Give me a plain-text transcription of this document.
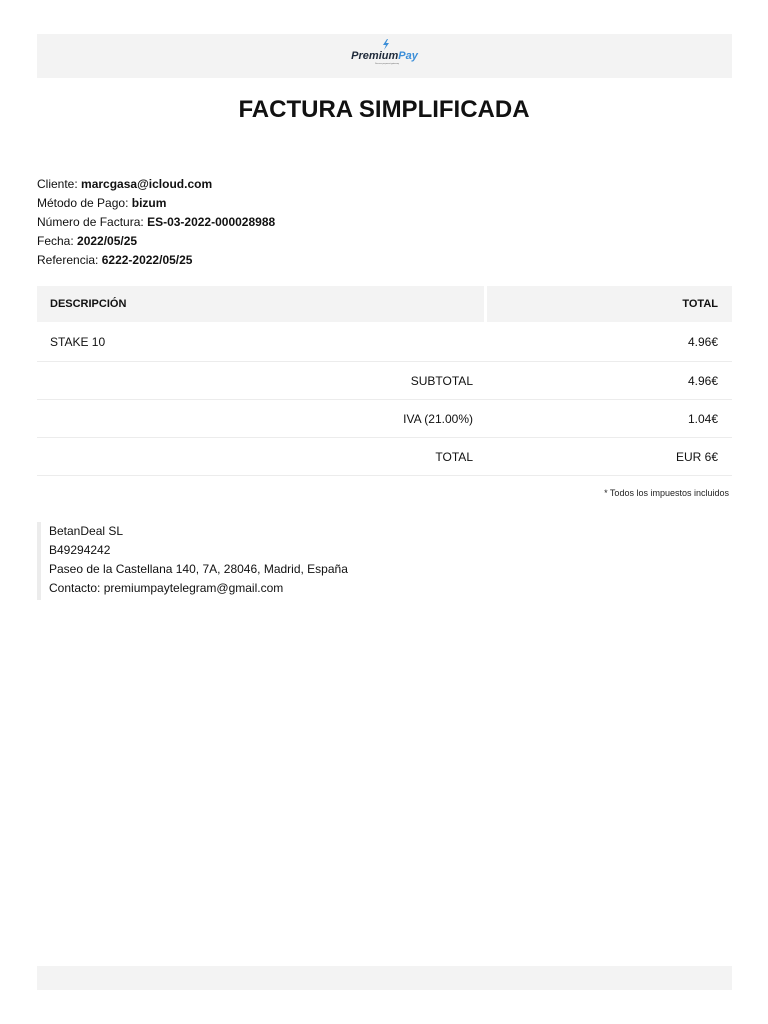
Premium Pay
Secure payment gateway
FACTURA SIMPLIFICADA
Cliente: marcgasa@icloud.com
Método de Pago: bizum
Número de Factura: ES-03-2022-000028988
Fecha: 2022/05/25
Referencia: 6222-2022/05/25
DESCRIPCIÓN	TOTAL
STAKE 10	4.96€
SUBTOTAL	4.96€
IVA (21.00%)	1.04€
TOTAL	EUR 6€
* Todos los impuestos incluidos
BetanDeal SL
B49294242
Paseo de la Castellana 140, 7A, 28046, Madrid, España
Contacto: premiumpaytelegram@gmail.com
